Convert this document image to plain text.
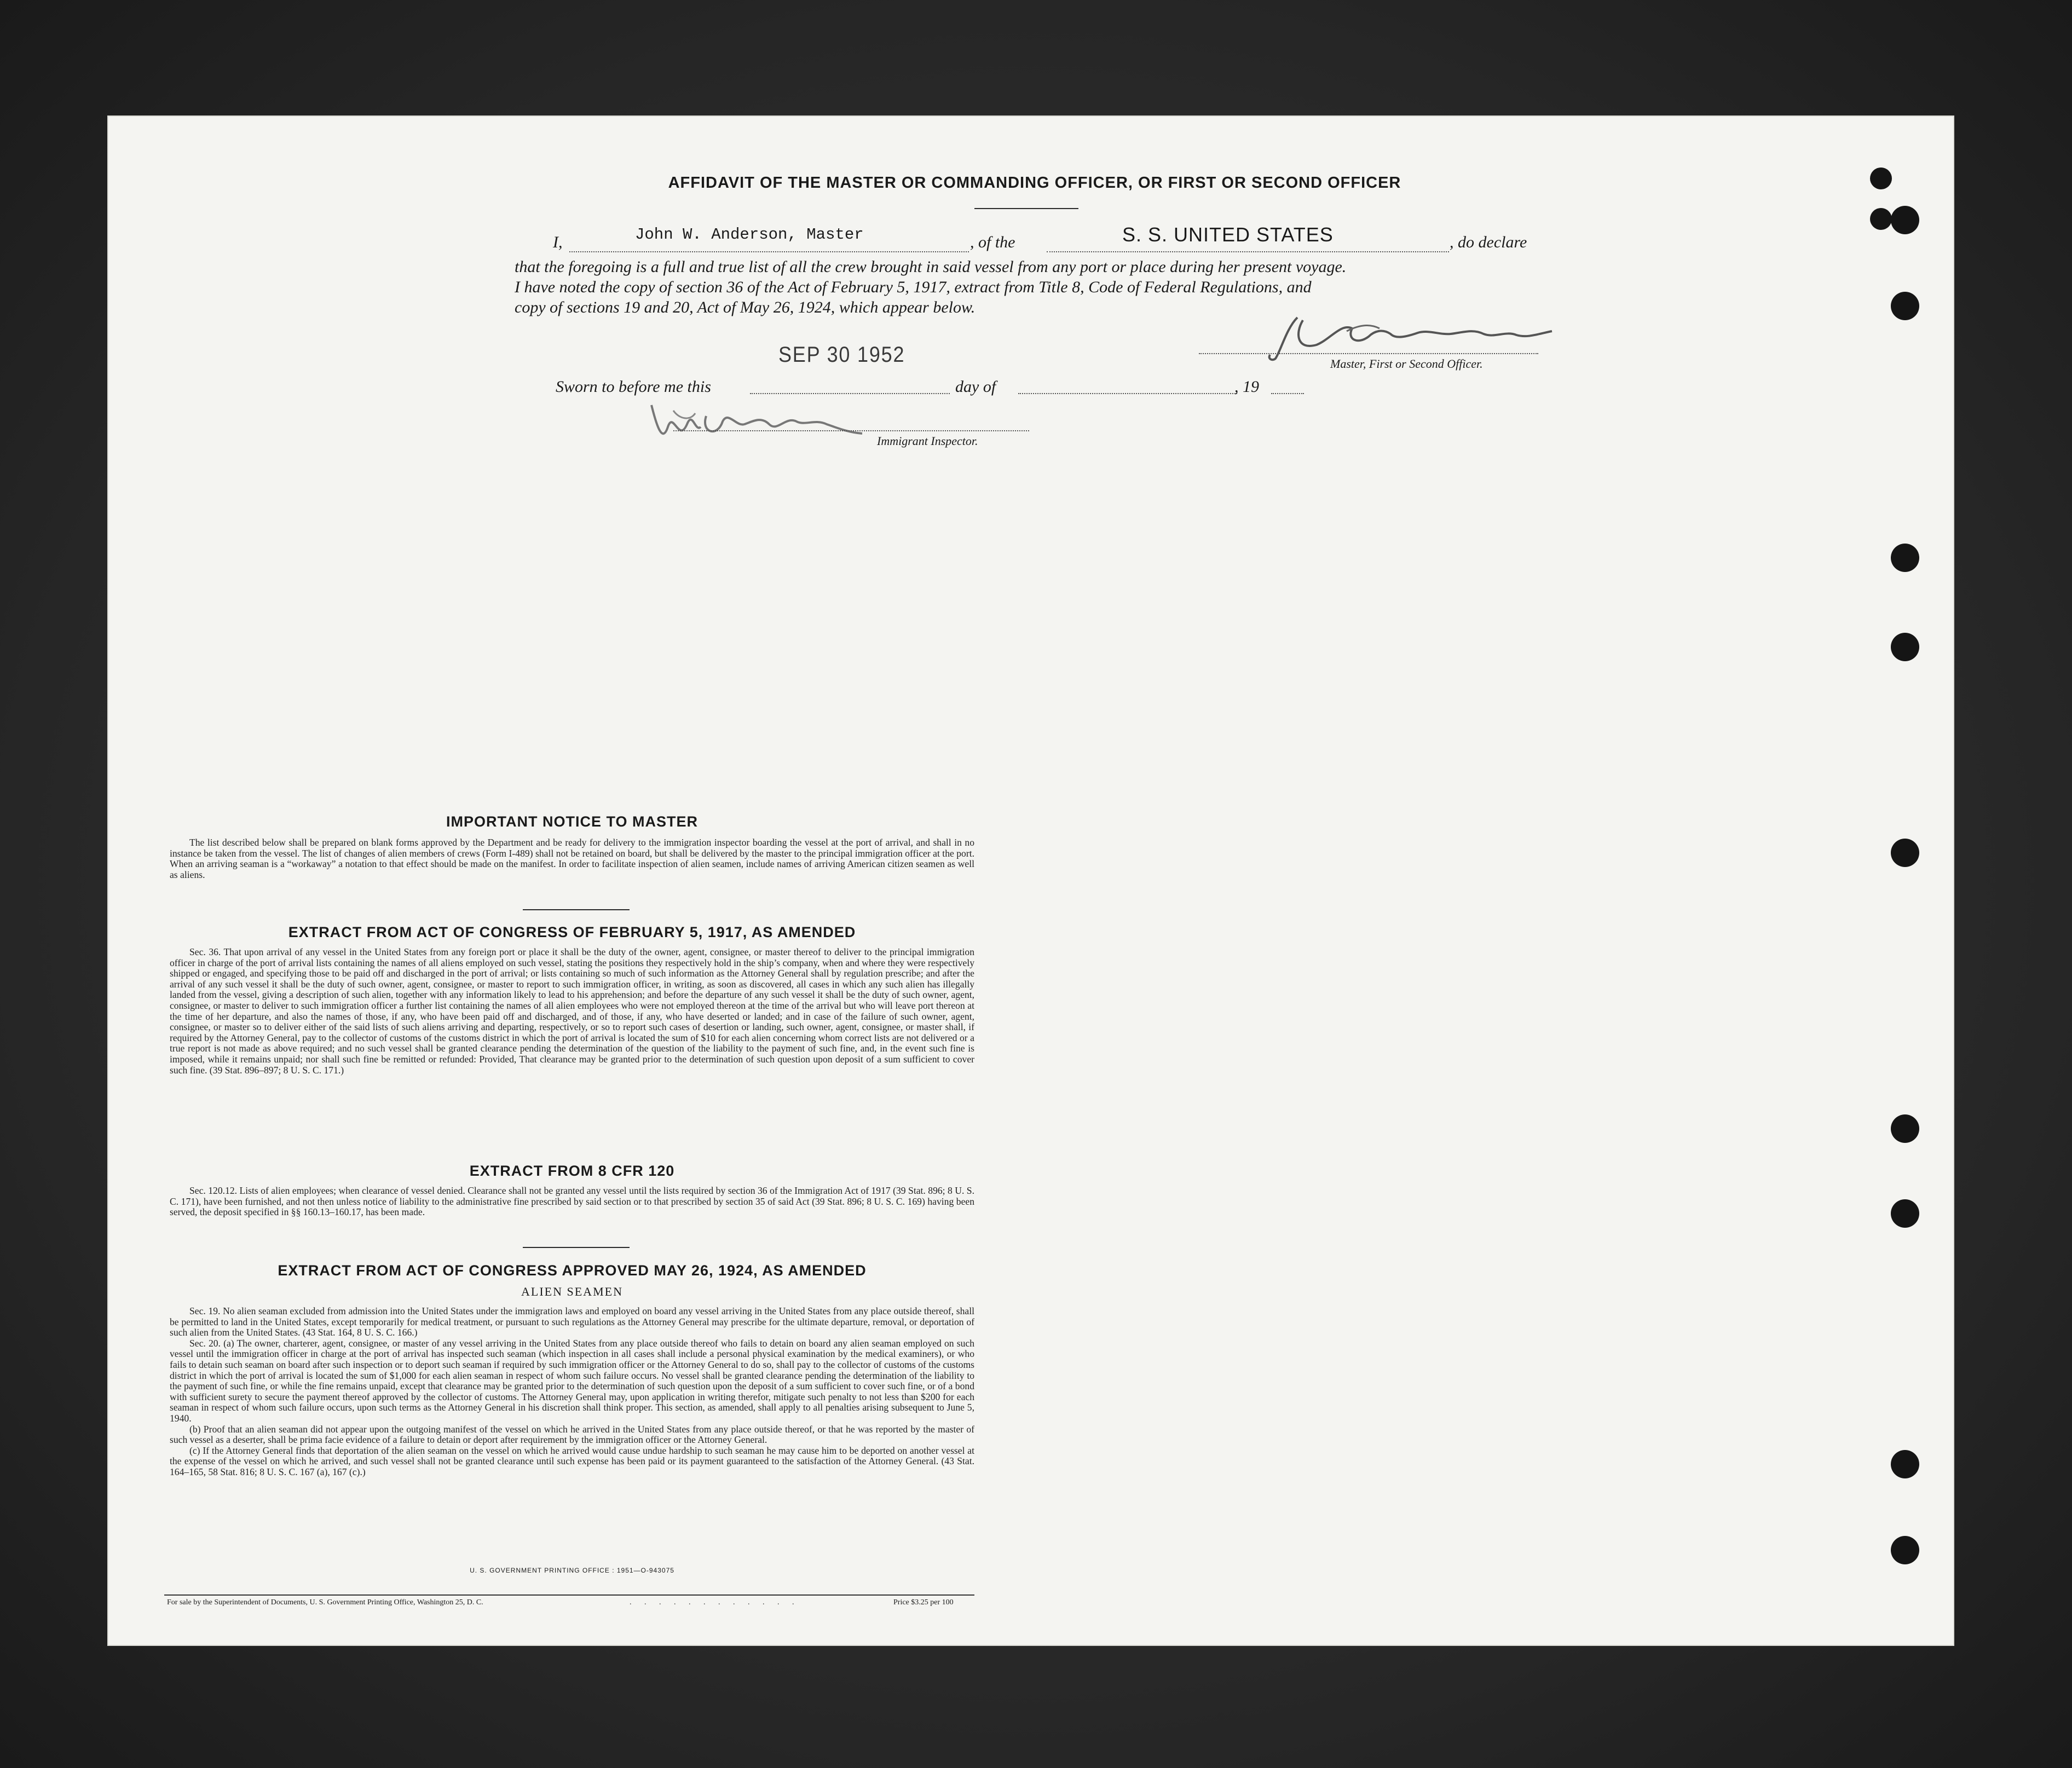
AFFIDAVIT OF THE MASTER OR COMMANDING OFFICER, OR FIRST OR SECOND OFFICER
I,	John W. Anderson, Master	, of the	S. S. UNITED STATES	, do declare
that the foregoing is a full and true list of all the crew brought in said vessel from any port or place during her present voyage.
I have noted the copy of section 36 of the Act of February 5, 1917, extract from Title 8, Code of Federal Regulations, and
copy of sections 19 and 20, Act of May 26, 1924, which appear below.
Master, First or Second Officer.
SEP 30 1952
Sworn to before me this	day of	, 19
Immigrant Inspector.
IMPORTANT NOTICE TO MASTER

The list described below shall be prepared on blank forms approved by the Department and be ready for delivery to the immigration inspector boarding the vessel at the port of arrival, and shall in no instance be taken from the vessel. The list of changes of alien members of crews (Form I-489) shall not be retained on board, but shall be delivered by the master to the principal immigration officer at the port. When an arriving seaman is a “workaway” a notation to that effect should be made on the manifest. In order to facilitate inspection of alien seamen, include names of arriving American citizen seamen as well as aliens.

EXTRACT FROM ACT OF CONGRESS OF FEBRUARY 5, 1917, AS AMENDED

Sec. 36. That upon arrival of any vessel in the United States from any foreign port or place it shall be the duty of the owner, agent, consignee, or master thereof to deliver to the principal immigration officer in charge of the port of arrival lists containing the names of all aliens employed on such vessel, stating the positions they respectively hold in the ship’s company, when and where they were respectively shipped or engaged, and specifying those to be paid off and discharged in the port of arrival; or lists containing so much of such information as the Attorney General shall by regulation prescribe; and after the arrival of any such vessel it shall be the duty of such owner, agent, consignee, or master to report to such immigration officer, in writing, as soon as discovered, all cases in which any such alien has illegally landed from the vessel, giving a description of such alien, together with any information likely to lead to his apprehension; and before the departure of any such vessel it shall be the duty of such owner, agent, consignee, or master to deliver to such immigration officer a further list containing the names of all alien employees who were not employed thereon at the time of the arrival but who will leave port thereon at the time of her departure, and also the names of those, if any, who have been paid off and discharged, and of those, if any, who have deserted or landed; and in case of the failure of such owner, agent, consignee, or master so to deliver either of the said lists of such aliens arriving and departing, respectively, or so to report such cases of desertion or landing, such owner, agent, consignee, or master shall, if required by the Attorney General, pay to the collector of customs of the customs district in which the port of arrival is located the sum of $10 for each alien concerning whom correct lists are not delivered or a true report is not made as above required; and no such vessel shall be granted clearance pending the determination of the question of the liability to the payment of such fine, and, in the event such fine is imposed, while it remains unpaid; nor shall such fine be remitted or refunded: Provided, That clearance may be granted prior to the determination of such question upon deposit of a sum sufficient to cover such fine. (39 Stat. 896–897; 8 U. S. C. 171.)

EXTRACT FROM 8 CFR 120

Sec. 120.12. Lists of alien employees; when clearance of vessel denied. Clearance shall not be granted any vessel until the lists required by section 36 of the Immigration Act of 1917 (39 Stat. 896; 8 U. S. C. 171), have been furnished, and not then unless notice of liability to the administrative fine prescribed by said section or to that prescribed by section 35 of said Act (39 Stat. 896; 8 U. S. C. 169) having been served, the deposit specified in §§ 160.13–160.17, has been made.

EXTRACT FROM ACT OF CONGRESS APPROVED MAY 26, 1924, AS AMENDED
ALIEN SEAMEN

Sec. 19. No alien seaman excluded from admission into the United States under the immigration laws and employed on board any vessel arriving in the United States from any place outside thereof, shall be permitted to land in the United States, except temporarily for medical treatment, or pursuant to such regulations as the Attorney General may prescribe for the ultimate departure, removal, or deportation of such alien from the United States. (43 Stat. 164, 8 U. S. C. 166.)

Sec. 20. (a) The owner, charterer, agent, consignee, or master of any vessel arriving in the United States from any place outside thereof who fails to detain on board any alien seaman employed on such vessel until the immigration officer in charge at the port of arrival has inspected such seaman (which inspection in all cases shall include a personal physical examination by the medical examiners), or who fails to detain such seaman on board after such inspection or to deport such seaman if required by such immigration officer or the Attorney General to do so, shall pay to the collector of customs of the customs district in which the port of arrival is located the sum of $1,000 for each alien seaman in respect of whom such failure occurs. No vessel shall be granted clearance pending the determination of the liability to the payment of such fine, or while the fine remains unpaid, except that clearance may be granted prior to the determination of such question upon the deposit of a sum sufficient to cover such fine, or of a bond with sufficient surety to secure the payment thereof approved by the collector of customs. The Attorney General may, upon application in writing therefor, mitigate such penalty to not less than $200 for each seaman in respect of whom such failure occurs, upon such terms as the Attorney General in his discretion shall think proper. This section, as amended, shall apply to all penalties arising subsequent to June 5, 1940.

(b) Proof that an alien seaman did not appear upon the outgoing manifest of the vessel on which he arrived in the United States from any place outside thereof, or that he was reported by the master of such vessel as a deserter, shall be prima facie evidence of a failure to detain or deport after requirement by the immigration officer or the Attorney General.

(c) If the Attorney General finds that deportation of the alien seaman on the vessel on which he arrived would cause undue hardship to such seaman he may cause him to be deported on another vessel at the expense of the vessel on which he arrived, and such vessel shall not be granted clearance until such expense has been paid or its payment guaranteed to the satisfaction of the Attorney General. (43 Stat. 164–165, 58 Stat. 816; 8 U. S. C. 167 (a), 167 (c).)

U. S. GOVERNMENT PRINTING OFFICE : 1951—O-943075
For sale by the Superintendent of Documents, U. S. Government Printing Office, Washington 25, D. C.	. . . . . . . . . . . .	Price $3.25 per 100
